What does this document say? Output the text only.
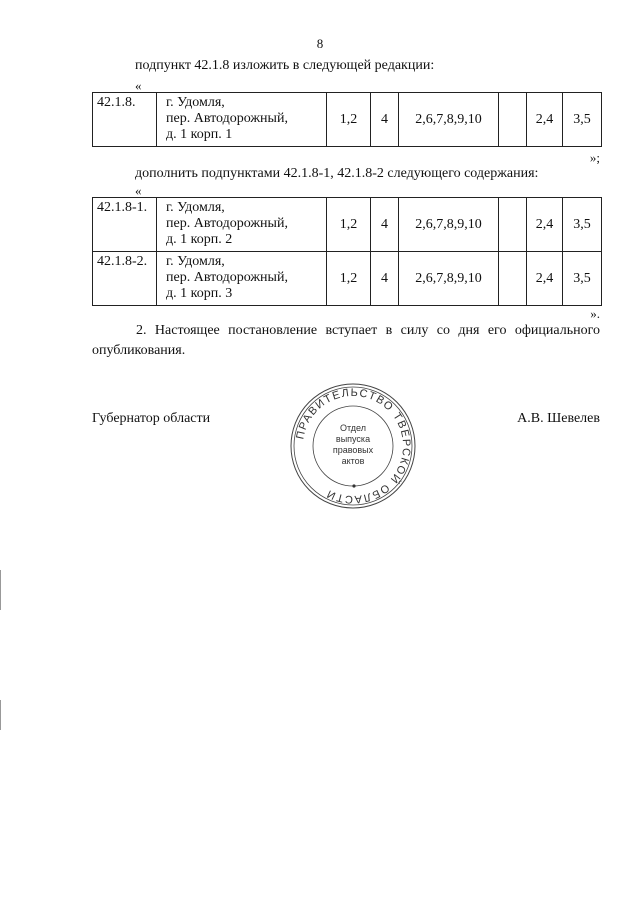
8
подпункт 42.1.8 изложить в следующей редакции:
«
42.1.8.	г. Удомля,
пер. Автодорожный,
д. 1 корп. 1
	1,2	4	2,6,7,8,9,10		2,4	3,5
»;
дополнить подпунктами 42.1.8-1, 42.1.8-2 следующего содержания:
«
42.1.8-1.	г. Удомля,
пер. Автодорожный,
д. 1 корп. 2	1,2	4	2,6,7,8,9,10		2,4	3,5
42.1.8-2.	г. Удомля,
пер. Автодорожный,
д. 1 корп. 3	1,2	4	2,6,7,8,9,10		2,4	3,5
».
2. Настоящее постановление вступает в силу со дня его официального опубликования.
Губернатор области	А.В. Шевелев
ПРАВИТЕЛЬСТВО ТВЕРСКОЙ ОБЛАСТИ
Отдел выпуска правовых актов
